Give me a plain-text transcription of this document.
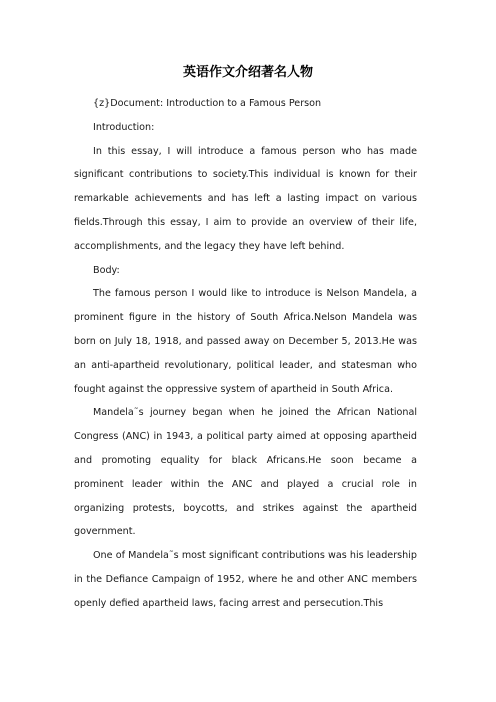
英语作文介绍著名人物

{z}Document: Introduction to a Famous Person

Introduction:

In this essay, I will introduce a famous person who has made significant contributions to society.This individual is known for their remarkable achievements and has left a lasting impact on various fields.Through this essay, I aim to provide an overview of their life, accomplishments, and the legacy they have left behind.

Body:

The famous person I would like to introduce is Nelson Mandela, a prominent figure in the history of South Africa.Nelson Mandela was born on July 18, 1918, and passed away on December 5, 2013.He was an anti-apartheid revolutionary, political leader, and statesman who fought against the oppressive system of apartheid in South Africa.

Mandela˜s journey began when he joined the African National Congress (ANC) in 1943, a political party aimed at opposing apartheid and promoting equality for black Africans.He soon became a prominent leader within the ANC and played a crucial role in organizing protests, boycotts, and strikes against the apartheid government.

One of Mandela˜s most significant contributions was his leadership in the Defiance Campaign of 1952, where he and other ANC members openly defied apartheid laws, facing arrest and persecution.This
